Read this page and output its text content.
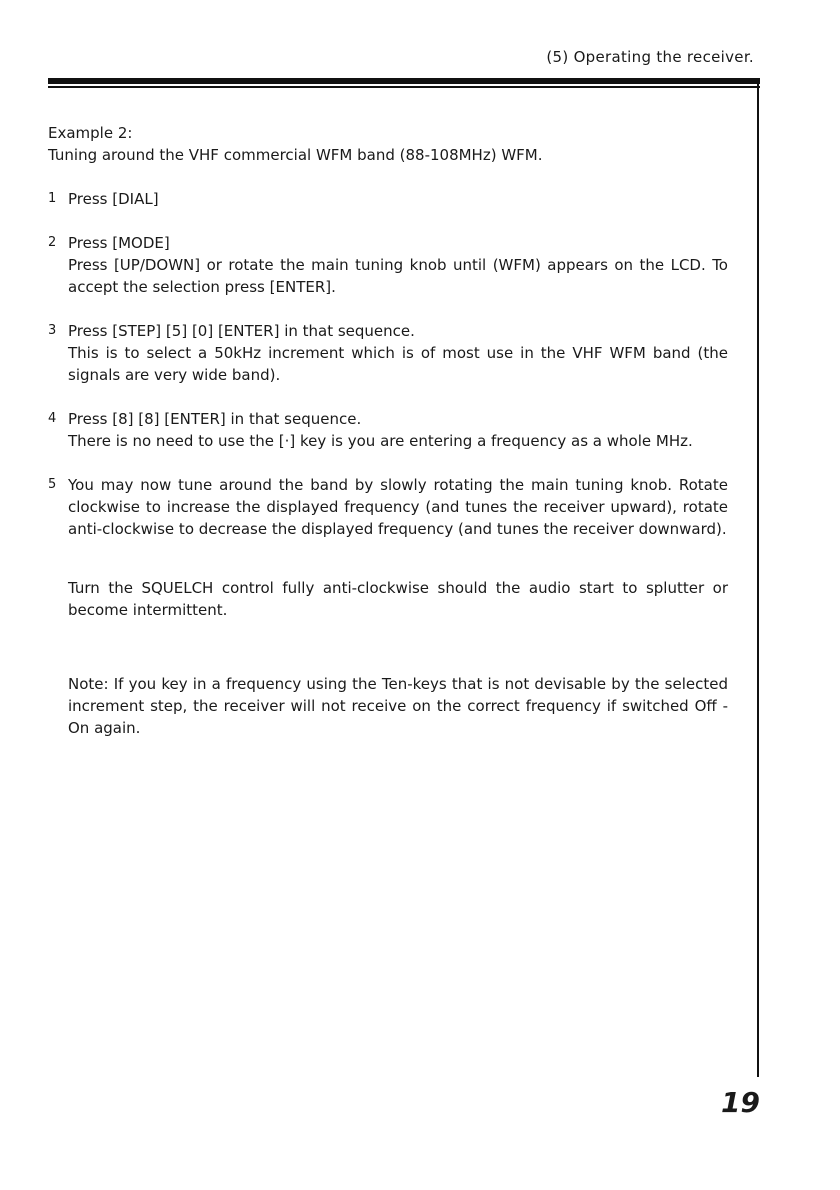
(5) Operating the receiver.

Example 2:

Tuning around the VHF commercial WFM band (88-108MHz) WFM.

1 Press [DIAL]

2 Press [MODE]

Press [UP/DOWN] or rotate the main tuning knob until (WFM) appears on the LCD. To accept the selection press [ENTER].

3 Press [STEP] [5] [0] [ENTER] in that sequence.

This is to select a 50kHz increment which is of most use in the VHF WFM band (the signals are very wide band).

4 Press [8] [8] [ENTER] in that sequence.

There is no need to use the [·] key is you are entering a frequency as a whole MHz.

5 You may now tune around the band by slowly rotating the main tuning knob. Rotate clockwise to increase the displayed frequency (and tunes the receiver upward), rotate anti-clockwise to decrease the displayed frequency (and tunes the receiver downward).

Turn the SQUELCH control fully anti-clockwise should the audio start to splutter or become intermittent.

Note: If you key in a frequency using the Ten-keys that is not devisable by the selected increment step, the receiver will not receive on the correct frequency if switched Off - On again.

19
